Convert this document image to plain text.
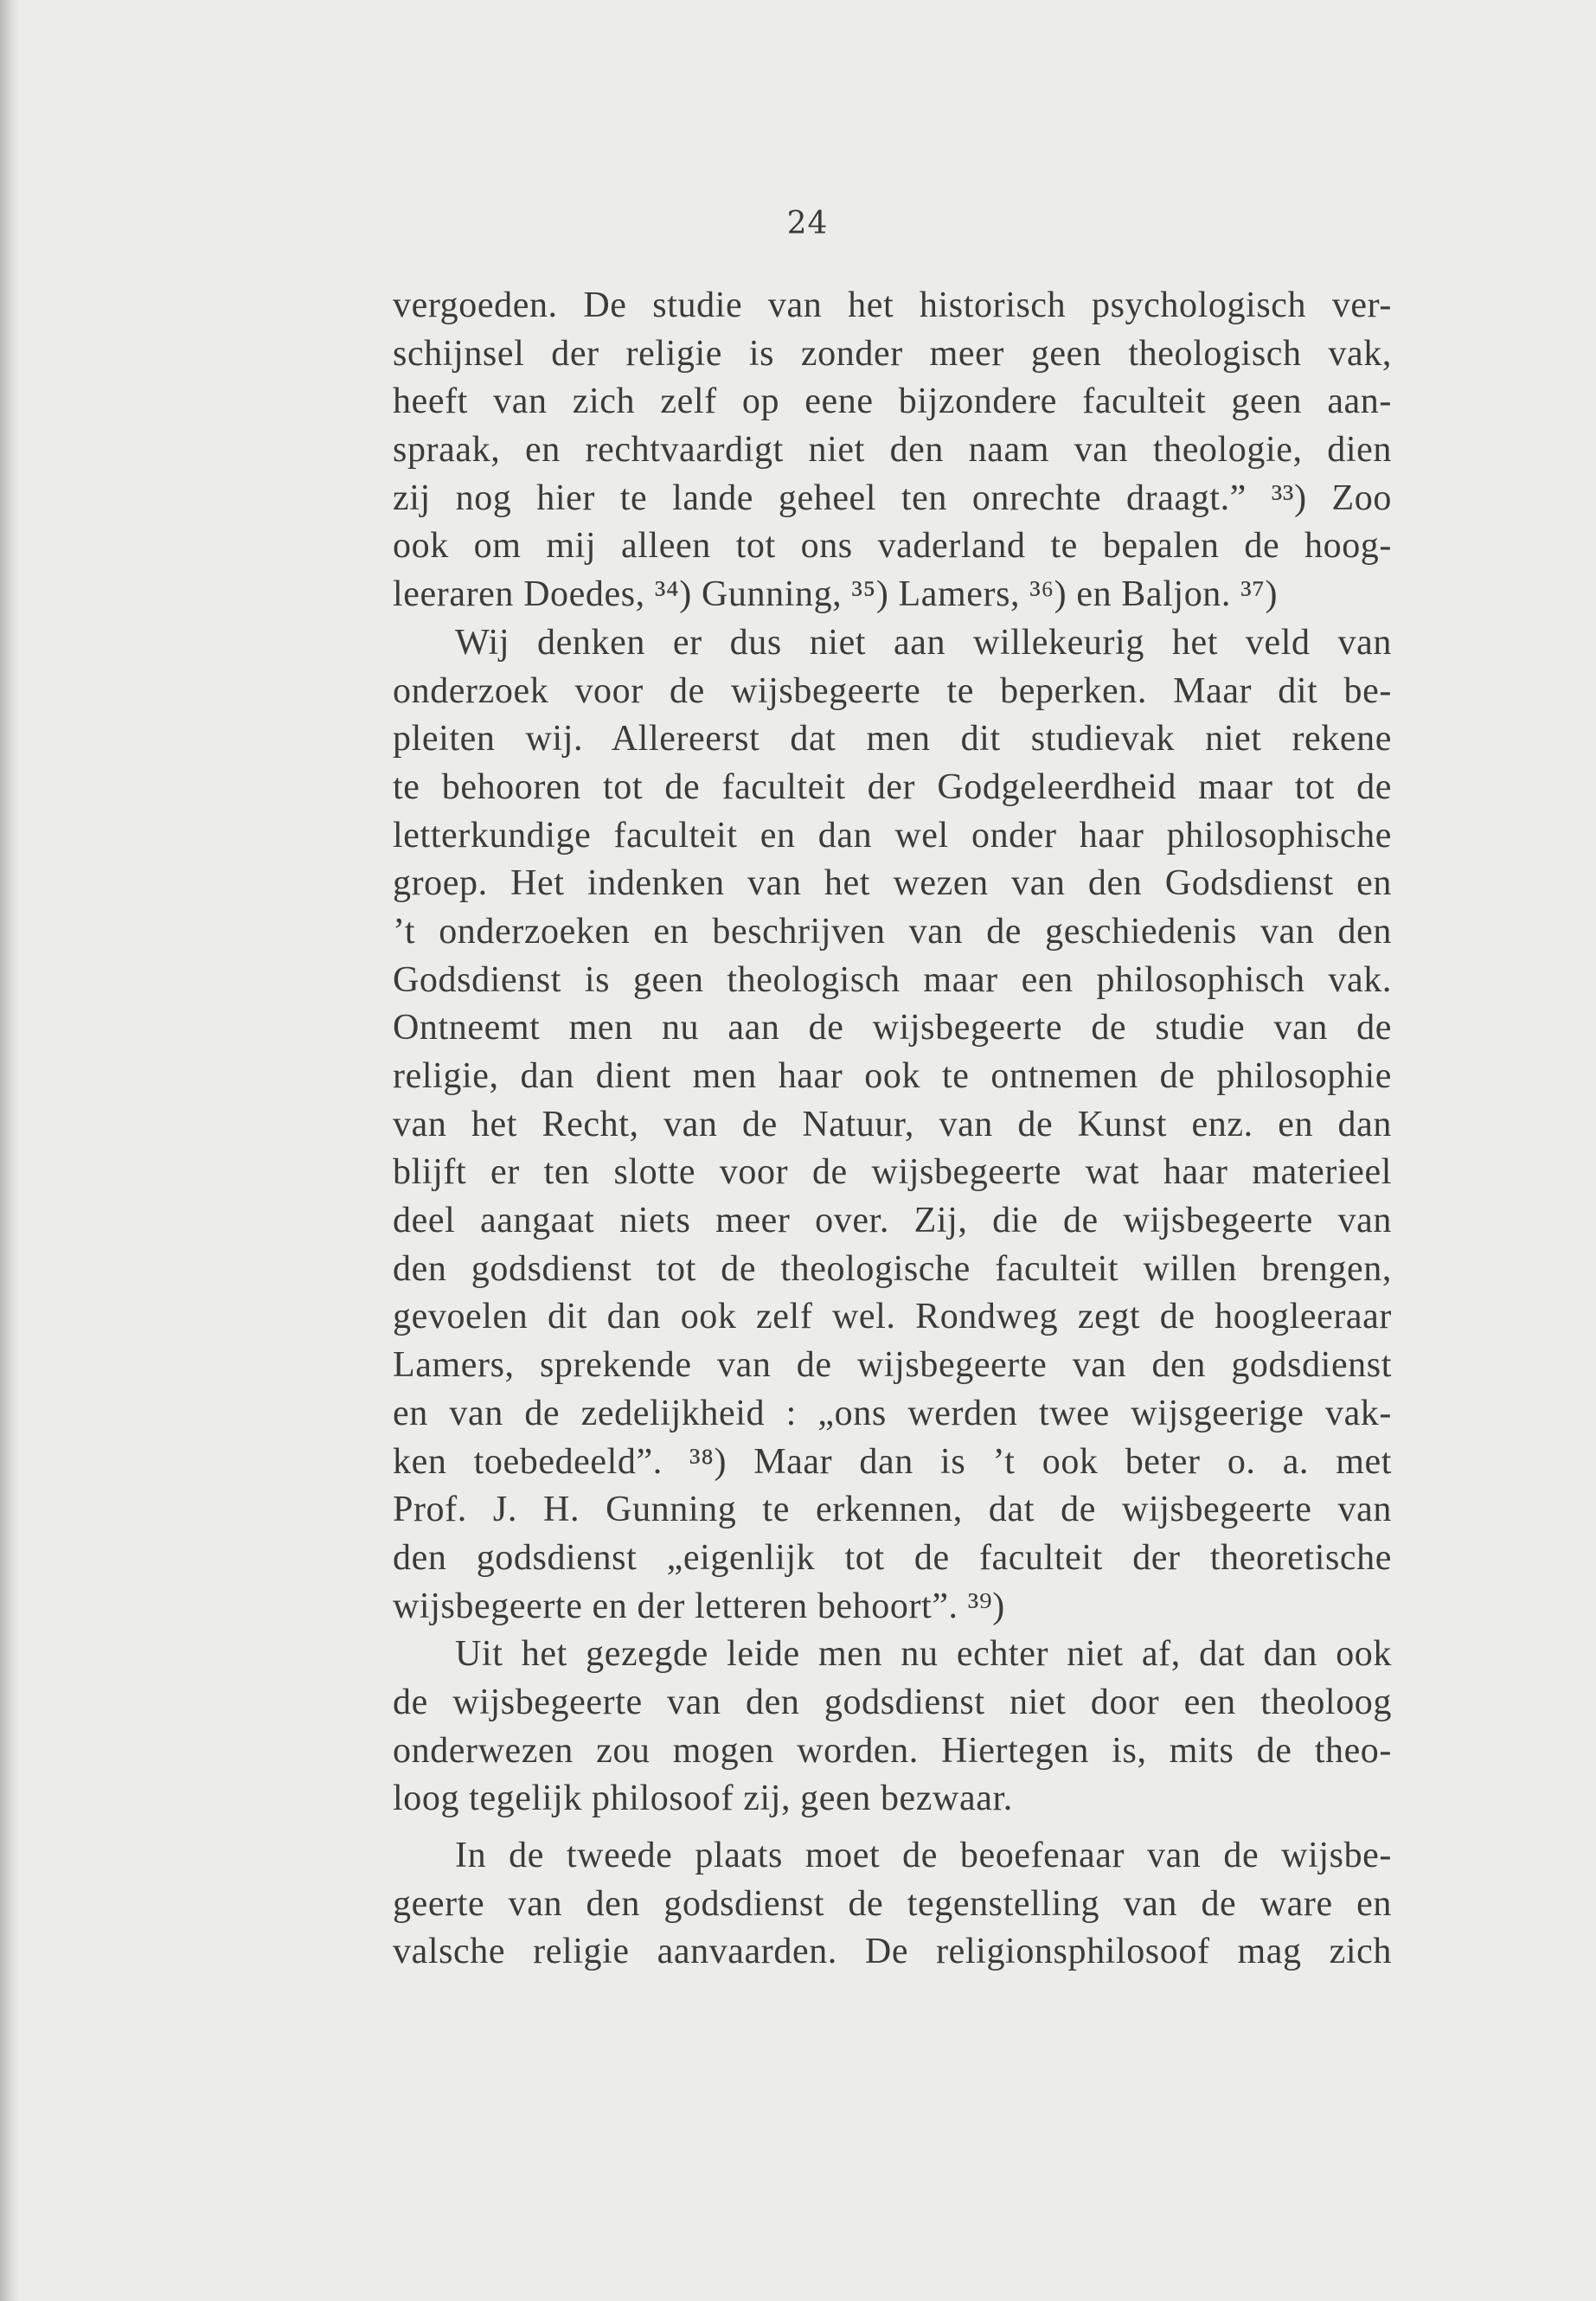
24
vergoeden. De studie van het historisch psychologisch ver-
schijnsel der religie is zonder meer geen theologisch vak,
heeft van zich zelf op eene bijzondere faculteit geen aan-
spraak, en rechtvaardigt niet den naam van theologie, dien
zij nog hier te lande geheel ten onrechte draagt.” ³³) Zoo
ook om mij alleen tot ons vaderland te bepalen de hoog-
leeraren Doedes, ³⁴) Gunning, ³⁵) Lamers, ³⁶) en Baljon. ³⁷)
Wij denken er dus niet aan willekeurig het veld van
onderzoek voor de wijsbegeerte te beperken. Maar dit be-
pleiten wij. Allereerst dat men dit studievak niet rekene
te behooren tot de faculteit der Godgeleerdheid maar tot de
letterkundige faculteit en dan wel onder haar philosophische
groep. Het indenken van het wezen van den Godsdienst en
’t onderzoeken en beschrijven van de geschiedenis van den
Godsdienst is geen theologisch maar een philosophisch vak.
Ontneemt men nu aan de wijsbegeerte de studie van de
religie, dan dient men haar ook te ontnemen de philosophie
van het Recht, van de Natuur, van de Kunst enz. en dan
blijft er ten slotte voor de wijsbegeerte wat haar materieel
deel aangaat niets meer over. Zij, die de wijsbegeerte van
den godsdienst tot de theologische faculteit willen brengen,
gevoelen dit dan ook zelf wel. Rondweg zegt de hoogleeraar
Lamers, sprekende van de wijsbegeerte van den godsdienst
en van de zedelijkheid : „ons werden twee wijsgeerige vak-
ken toebedeeld”. ³⁸) Maar dan is ’t ook beter o. a. met
Prof. J. H. Gunning te erkennen, dat de wijsbegeerte van
den godsdienst „eigenlijk tot de faculteit der theoretische
wijsbegeerte en der letteren behoort”. ³⁹)
Uit het gezegde leide men nu echter niet af, dat dan ook
de wijsbegeerte van den godsdienst niet door een theoloog
onderwezen zou mogen worden. Hiertegen is, mits de theo-
loog tegelijk philosoof zij, geen bezwaar.
In de tweede plaats moet de beoefenaar van de wijsbe-
geerte van den godsdienst de tegenstelling van de ware en
valsche religie aanvaarden. De religionsphilosoof mag zich
